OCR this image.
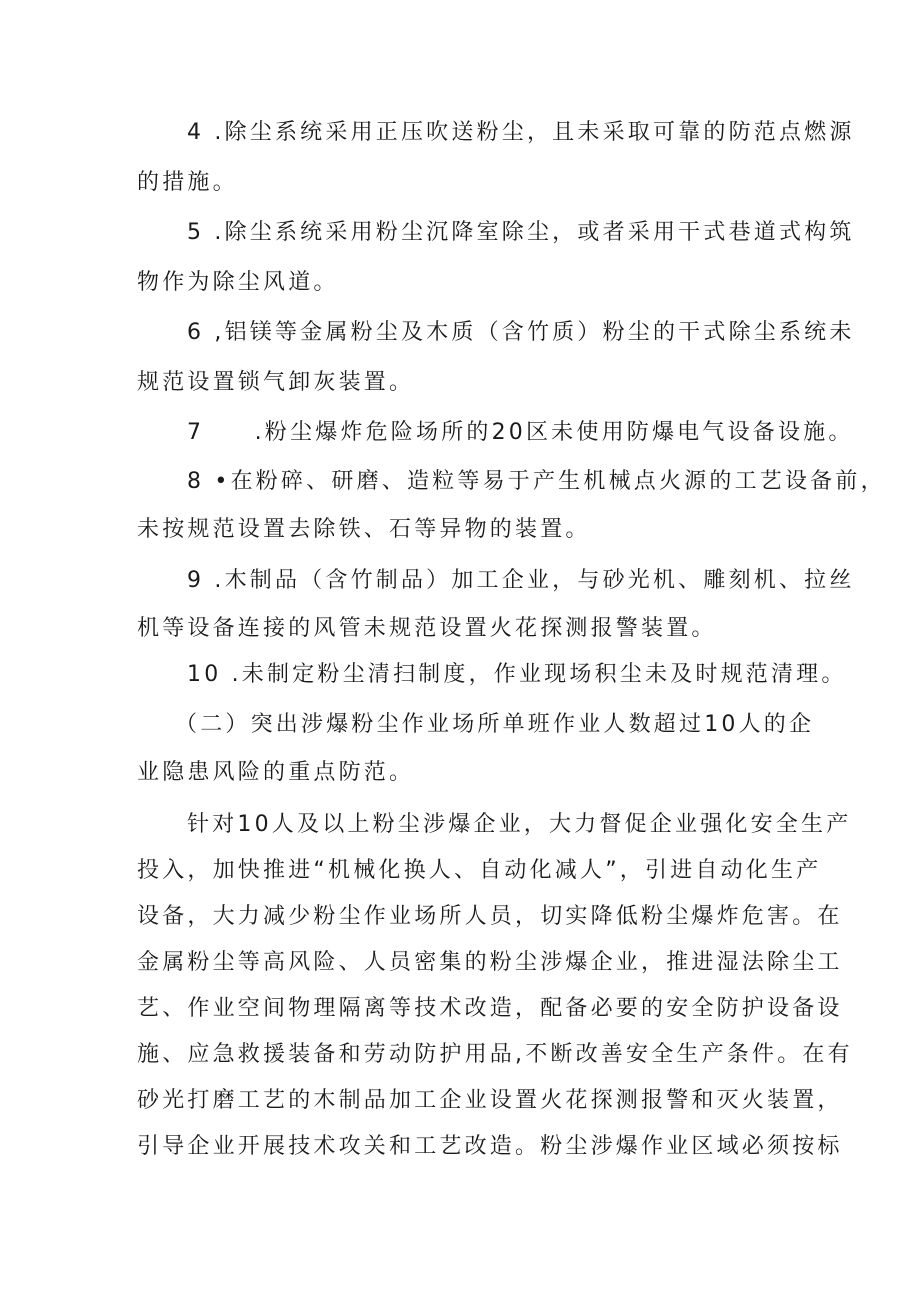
4 .除尘系统采用正压吹送粉尘，且未采取可靠的防范点燃源
的措施。
5 .除尘系统采用粉尘沉降室除尘，或者采用干式巷道式构筑
物作为除尘风道。
6 ,铝镁等金属粉尘及木质（含竹质）粉尘的干式除尘系统未
规范设置锁气卸灰装置。
7　　.粉尘爆炸危险场所的20区未使用防爆电气设备设施。
8 •在粉碎、研磨、造粒等易于产生机械点火源的工艺设备前，
未按规范设置去除铁、石等异物的装置。
9 .木制品（含竹制品）加工企业，与砂光机、雕刻机、拉丝
机等设备连接的风管未规范设置火花探测报警装置。
10 .未制定粉尘清扫制度，作业现场积尘未及时规范清理。
（二）突出涉爆粉尘作业场所单班作业人数超过10人的企
业隐患风险的重点防范。
针对10人及以上粉尘涉爆企业，大力督促企业强化安全生产
投入，加快推进“机械化换人、自动化减人”，引进自动化生产
设备，大力减少粉尘作业场所人员，切实降低粉尘爆炸危害。在
金属粉尘等高风险、人员密集的粉尘涉爆企业，推进湿法除尘工
艺、作业空间物理隔离等技术改造，配备必要的安全防护设备设
施、应急救援装备和劳动防护用品,不断改善安全生产条件。在有
砂光打磨工艺的木制品加工企业设置火花探测报警和灭火装置，
引导企业开展技术攻关和工艺改造。粉尘涉爆作业区域必须按标
